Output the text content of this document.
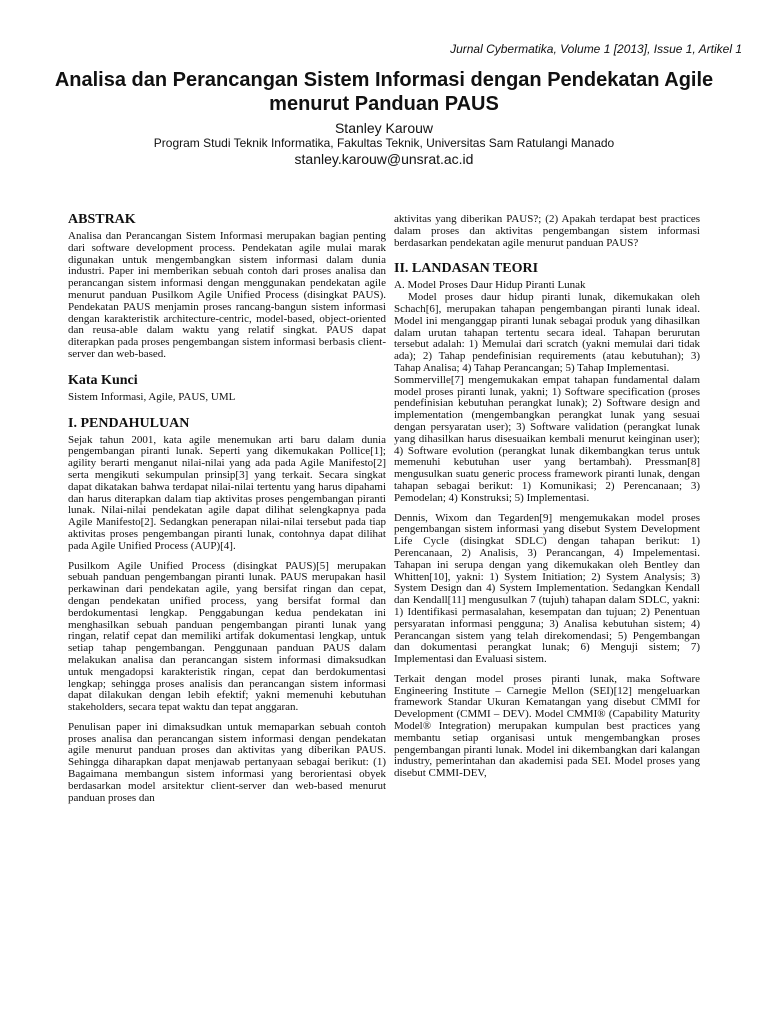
Jurnal Cybermatika, Volume 1 [2013], Issue 1, Artikel 1
Analisa dan Perancangan Sistem Informasi dengan Pendekatan Agile menurut Panduan PAUS
Stanley Karouw
Program Studi Teknik Informatika, Fakultas Teknik, Universitas Sam Ratulangi Manado
stanley.karouw@unsrat.ac.id
ABSTRAK

Analisa dan Perancangan Sistem Informasi merupakan bagian penting dari software development process. Pendekatan agile mulai marak digunakan untuk mengembangkan sistem informasi dalam dunia industri. Paper ini memberikan sebuah contoh dari proses analisa dan perancangan sistem informasi dengan menggunakan pendekatan agile menurut panduan Pusilkom Agile Unified Process (disingkat PAUS). Pendekatan PAUS menjamin proses rancang-bangun sistem informasi dengan karakteristik architecture-centric, model-based, object-oriented dan reusa-able dalam waktu yang relatif singkat. PAUS dapat diterapkan pada proses pengembangan sistem informasi berbasis client-server dan web-based.

Kata Kunci

Sistem Informasi, Agile, PAUS, UML

I. PENDAHULUAN

Sejak tahun 2001, kata agile menemukan arti baru dalam dunia pengembangan piranti lunak. Seperti yang dikemukakan Pollice[1]; agility berarti menganut nilai-nilai yang ada pada Agile Manifesto[2] serta mengikuti sekumpulan prinsip[3] yang terkait. Secara singkat dapat dikatakan bahwa terdapat nilai-nilai tertentu yang harus dipahami dan harus diterapkan dalam tiap aktivitas proses pengembangan piranti lunak. Nilai-nilai pendekatan agile dapat dilihat selengkapnya pada Agile Manifesto[2]. Sedangkan penerapan nilai-nilai tersebut pada tiap aktivitas proses pengembangan piranti lunak, contohnya dapat dilihat pada Agile Unified Process (AUP)[4].

Pusilkom Agile Unified Process (disingkat PAUS)[5] merupakan sebuah panduan pengembangan piranti lunak. PAUS merupakan hasil perkawinan dari pendekatan agile, yang bersifat ringan dan cepat, dengan pendekatan unified process, yang bersifat formal dan berdokumentasi lengkap. Penggabungan kedua pendekatan ini menghasilkan sebuah panduan pengembangan piranti lunak yang ringan, relatif cepat dan memiliki artifak dokumentasi lengkap, untuk setiap tahap pengembangan. Penggunaan panduan PAUS dalam melakukan analisa dan perancangan sistem informasi dimaksudkan untuk mengadopsi karakteristik ringan, cepat dan berdokumentasi lengkap; sehingga proses analisis dan perancangan sistem informasi dapat dilakukan dengan lebih efektif; yakni memenuhi kebutuhan stakeholders, secara tepat waktu dan tepat anggaran.

Penulisan paper ini dimaksudkan untuk memaparkan sebuah contoh proses analisa dan perancangan sistem informasi dengan pendekatan agile menurut panduan proses dan aktivitas yang diberikan PAUS. Sehingga diharapkan dapat menjawab pertanyaan sebagai berikut: (1) Bagaimana membangun sistem informasi yang berorientasi obyek berdasarkan model arsitektur client-server dan web-based menurut panduan proses dan

aktivitas yang diberikan PAUS?; (2) Apakah terdapat best practices dalam proses dan aktivitas pengembangan sistem informasi berdasarkan pendekatan agile menurut panduan PAUS?

II. LANDASAN TEORI

A. Model Proses Daur Hidup Piranti Lunak

Model proses daur hidup piranti lunak, dikemukakan oleh Schach[6], merupakan tahapan pengembangan piranti lunak ideal. Model ini menganggap piranti lunak sebagai produk yang dihasilkan dalam urutan tahapan tertentu secara ideal. Tahapan berurutan tersebut adalah: 1) Memulai dari scratch (yakni memulai dari tidak ada); 2) Tahap pendefinisian requirements (atau kebutuhan); 3) Tahap Analisa; 4) Tahap Perancangan; 5) Tahap Implementasi.

Sommerville[7] mengemukakan empat tahapan fundamental dalam model proses piranti lunak, yakni; 1) Software specification (proses pendefinisian kebutuhan perangkat lunak); 2) Software design and implementation (mengembangkan perangkat lunak yang sesuai dengan persyaratan user); 3) Software validation (perangkat lunak yang dihasilkan harus disesuaikan kembali menurut keinginan user); 4) Software evolution (perangkat lunak dikembangkan terus untuk memenuhi kebutuhan user yang bertambah). Pressman[8] mengusulkan suatu generic process framework piranti lunak, dengan tahapan sebagai berikut: 1) Komunikasi; 2) Perencanaan; 3) Pemodelan; 4) Konstruksi; 5) Implementasi.

Dennis, Wixom dan Tegarden[9] mengemukakan model proses pengembangan sistem informasi yang disebut System Development Life Cycle (disingkat SDLC) dengan tahapan berikut: 1) Perencanaan, 2) Analisis, 3) Perancangan, 4) Impelementasi. Tahapan ini serupa dengan yang dikemukakan oleh Bentley dan Whitten[10], yakni: 1) System Initiation; 2) System Analysis; 3) System Design dan 4) System Implementation. Sedangkan Kendall dan Kendall[11] mengusulkan 7 (tujuh) tahapan dalam SDLC, yakni: 1) Identifikasi permasalahan, kesempatan dan tujuan; 2) Penentuan persyaratan informasi pengguna; 3) Analisa kebutuhan sistem; 4) Perancangan sistem yang telah direkomendasi; 5) Pengembangan dan dokumentasi perangkat lunak; 6) Menguji sistem; 7) Implementasi dan Evaluasi sistem.

Terkait dengan model proses piranti lunak, maka Software Engineering Institute – Carnegie Mellon (SEI)[12] mengeluarkan framework Standar Ukuran Kematangan yang disebut CMMI for Development (CMMI – DEV). Model CMMI® (Capability Maturity Model® Integration) merupakan kumpulan best practices yang membantu setiap organisasi untuk mengembangkan proses pengembangan piranti lunak. Model ini dikembangkan dari kalangan industry, pemerintahan dan akademisi pada SEI. Model proses yang disebut CMMI-DEV,
